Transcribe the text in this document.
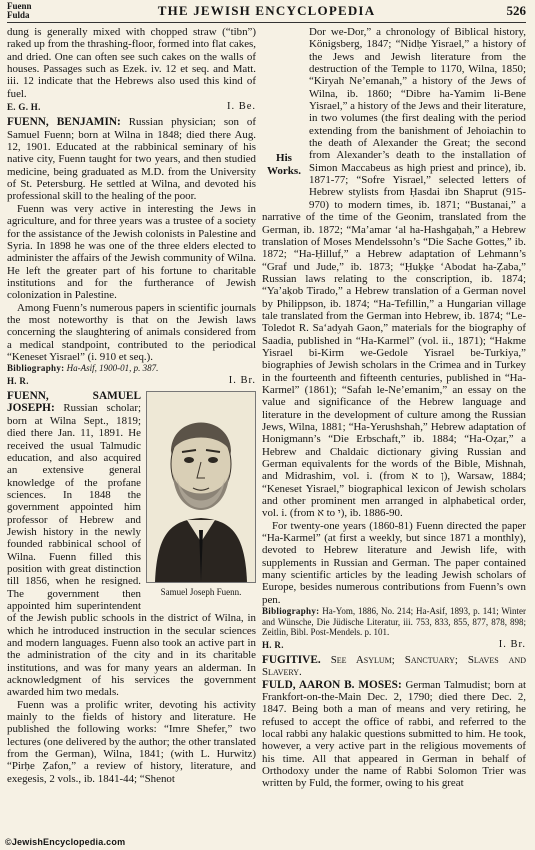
Fuenn
Fulda	THE JEWISH ENCYCLOPEDIA	526

dung is generally mixed with chopped straw (“tibn”) raked up from the thrashing-floor, formed into flat cakes, and dried. One can often see such cakes on the walls of houses. Passages such as Ezek. iv. 12 et seq. and Matt. iii. 12 indicate that the Hebrews also used this kind of fuel.

E. G. H.	I. Be.

FUENN, BENJAMIN: Russian physician; son of Samuel Fuenn; born at Wilna in 1848; died there Aug. 12, 1901. Educated at the rabbinical seminary of his native city, Fuenn taught for two years, and then studied medicine, being graduated as M.D. from the University of St. Petersburg. He settled at Wilna, and devoted his professional skill to the healing of the poor.

Fuenn was very active in interesting the Jews in agriculture, and for three years was a trustee of a society for the assistance of the Jewish colonists in Palestine and Syria. In 1898 he was one of the three elders elected to administer the affairs of the Jewish community of Wilna. He left the greater part of his fortune to charitable institutions and for the furtherance of Jewish colonization in Palestine.

Among Fuenn’s numerous papers in scientific journals the most noteworthy is that on the Jewish laws concerning the slaughtering of animals considered from a medical standpoint, contributed to the periodical “Keneset Yisrael” (i. 910 et seq.).

Bibliography: Ha-Asif, 1900-01, p. 387.

H. R.	I. Br.
Samuel Joseph Fuenn.

FUENN, SAMUEL JOSEPH: Russian scholar; born at Wilna Sept., 1819; died there Jan. 11, 1891. He received the usual Talmudic education, and also acquired an extensive general knowledge of the profane sciences. In 1848 the government appointed him professor of Hebrew and Jewish history in the newly founded rabbinical school of Wilna. Fuenn filled this position with great distinction till 1856, when he resigned. The government then appointed him superintendent of the Jewish public schools in the district of Wilna, in which he introduced instruction in the secular sciences and modern languages. Fuenn also took an active part in the administration of the city and in its charitable institutions, and was for many years an alderman. In acknowledgment of his services the government awarded him two medals.

Fuenn was a prolific writer, devoting his activity mainly to the fields of history and literature. He published the following works: “Imre Shefer,” two lectures (one delivered by the author; the other translated from the German), Wilna, 1841; (with L. Hurwitz) “Pirḥe Ẓafon,” a review of history, literature, and exegesis, 2 vols., ib. 1841-44; “Shenot

His Works.

Dor we-Dor,” a chronology of Biblical history, Königsberg, 1847; “Nidḥe Yisrael,” a history of the Jews and Jewish literature from the destruction of the Temple to 1170, Wilna, 1850; “Kiryah Ne’emanah,” a history of the Jews of Wilna, ib. 1860; “Dibre ha-Yamim li-Bene Yisrael,” a history of the Jews and their literature, in two volumes (the first dealing with the period extending from the banishment of Jehoiachin to the death of Alexander the Great; the second from Alexander’s death to the installation of Simon Maccabeus as high priest and prince), ib. 1871-77; “Sofre Yisrael,” selected letters of Hebrew stylists from Ḥasdai ibn Shaprut (915-970) to modern times, ib. 1871; “Bustanai,” a narrative of the time of the Geonim, translated from the German, ib. 1872; “Ma’amar ‘al ha-Hashgaḥah,” a Hebrew translation of Moses Mendelssohn’s “Die Sache Gottes,” ib. 1872; “Ha-Ḥilluf,” a Hebrew adaptation of Lehmann’s “Graf und Jude,” ib. 1873; “Ḥuḳḳe ‘Abodat ha-Ẓaba,” Russian laws relating to the conscription, ib. 1874; “Ya’aḳob Tirado,” a Hebrew translation of a German novel by Philippson, ib. 1874; “Ha-Tefillin,” a Hungarian village tale translated from the German into Hebrew, ib. 1874; “Le-Toledot R. Sa‘adyah Gaon,” materials for the biography of Saadia, published in “Ha-Karmel” (vol. ii., 1871); “Hakme Yisrael bi-Kirm we-Gedole Yisrael be-Turkiya,” biographies of Jewish scholars in the Crimea and in Turkey in the fourteenth and fifteenth centuries, published in “Ha-Karmel” (1861); “Safah le-Ne’emanim,” an essay on the value and significance of the Hebrew language and literature in the development of culture among the Russian Jews, Wilna, 1881; “Ha-Yerushshah,” Hebrew adaptation of Honigmann’s “Die Erbschaft,” ib. 1884; “Ha-Oẓar,” a Hebrew and Chaldaic dictionary giving Russian and German equivalents for the words of the Bible, Mishnah, and Midrashim, vol. i. (from א to ן), Warsaw, 1884; “Keneset Yisrael,” biographical lexicon of Jewish scholars and other prominent men arranged in alphabetical order, vol. i. (from א to י), ib. 1886-90.

For twenty-one years (1860-81) Fuenn directed the paper “Ha-Karmel” (at first a weekly, but since 1871 a monthly), devoted to Hebrew literature and Jewish life, with supplements in Russian and German. The paper contained many scientific articles by the leading Jewish scholars of Europe, besides numerous contributions from Fuenn’s own pen.

Bibliography: Ha-Yom, 1886, No. 214; Ha-Asif, 1893, p. 141; Winter and Wünsche, Die Jüdische Literatur, iii. 753, 833, 855, 877, 878, 898; Zeitlin, Bibl. Post-Mendels. p. 101.

H. R.	I. Br.

FUGITIVE. See Asylum; Sanctuary; Slaves and Slavery.

FULD, AARON B. MOSES: German Talmudist; born at Frankfort-on-the-Main Dec. 2, 1790; died there Dec. 2, 1847. Being both a man of means and very retiring, he refused to accept the office of rabbi, and referred to the local rabbi any halakic questions submitted to him. He took, however, a very active part in the religious movements of his time. All that appeared in German in behalf of Orthodoxy under the name of Rabbi Solomon Trier was written by Fuld, the former, owing to his great

©JewishEncyclopedia.com
